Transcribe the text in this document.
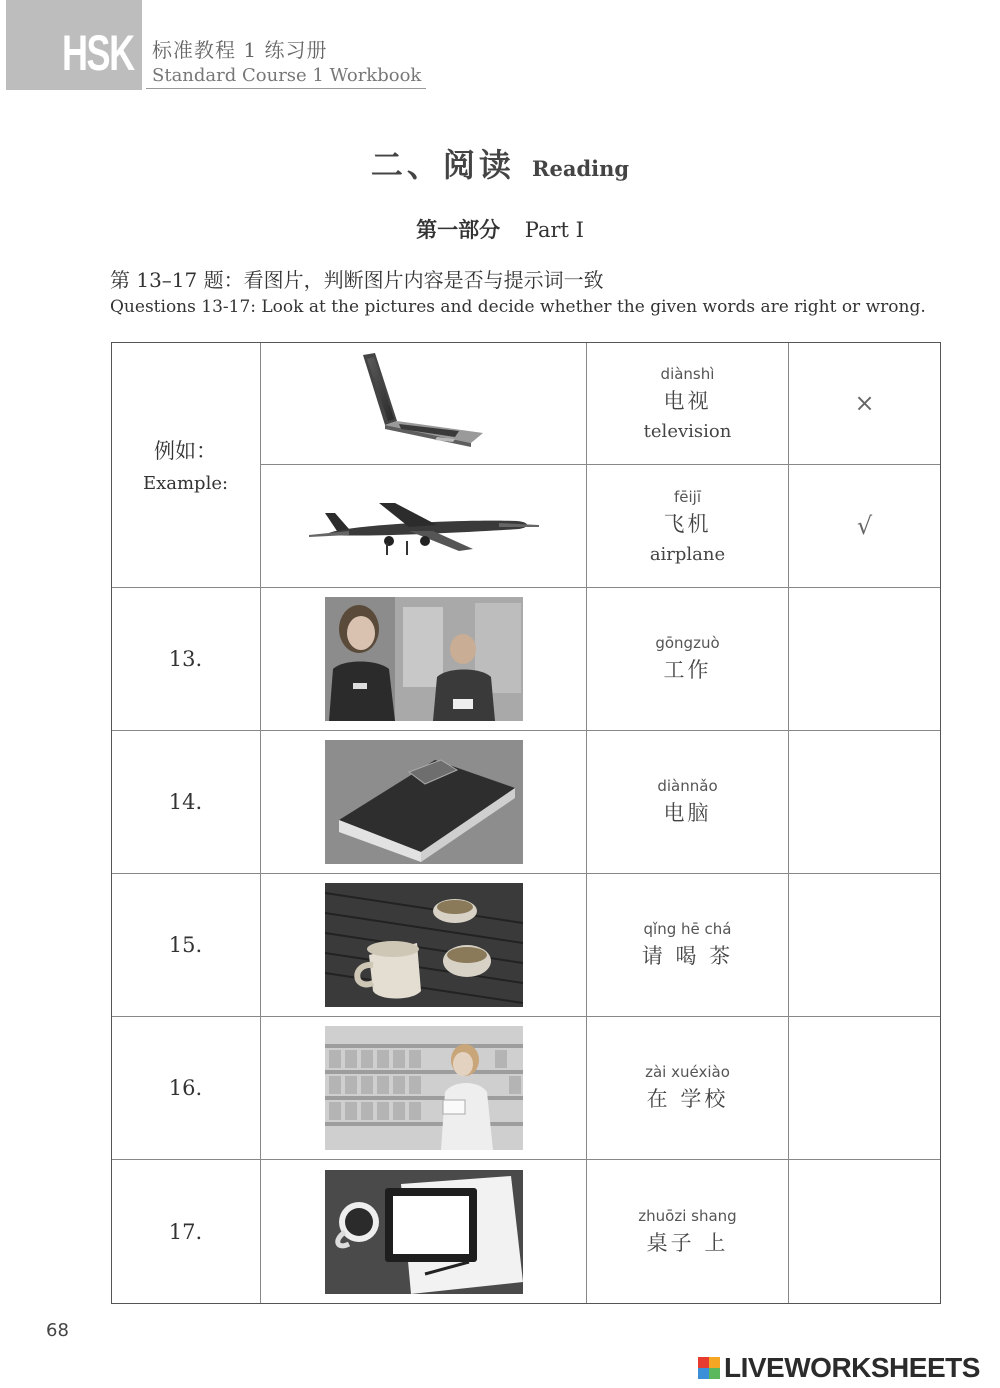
HSK 标准教程 1 练习册
Standard Course 1 Workbook
二、阅读 Reading
第一部分 Part Ⅰ
第 13–17 题：看图片，判断图片内容是否与提示词一致
Questions 13-17: Look at the pictures and decide whether the given words are right or wrong.
例如：
Example:
diànshì
电视
television
×
fēijī
飞机
airplane
√
13.
gōngzuò
工作
14.
diànnǎo
电脑
15.
qǐng hē chá
请 喝 茶
16.
zài xuéxiào
在 学校
17.
zhuōzi shang
桌子 上
68
LIVEWORKSHEETS
